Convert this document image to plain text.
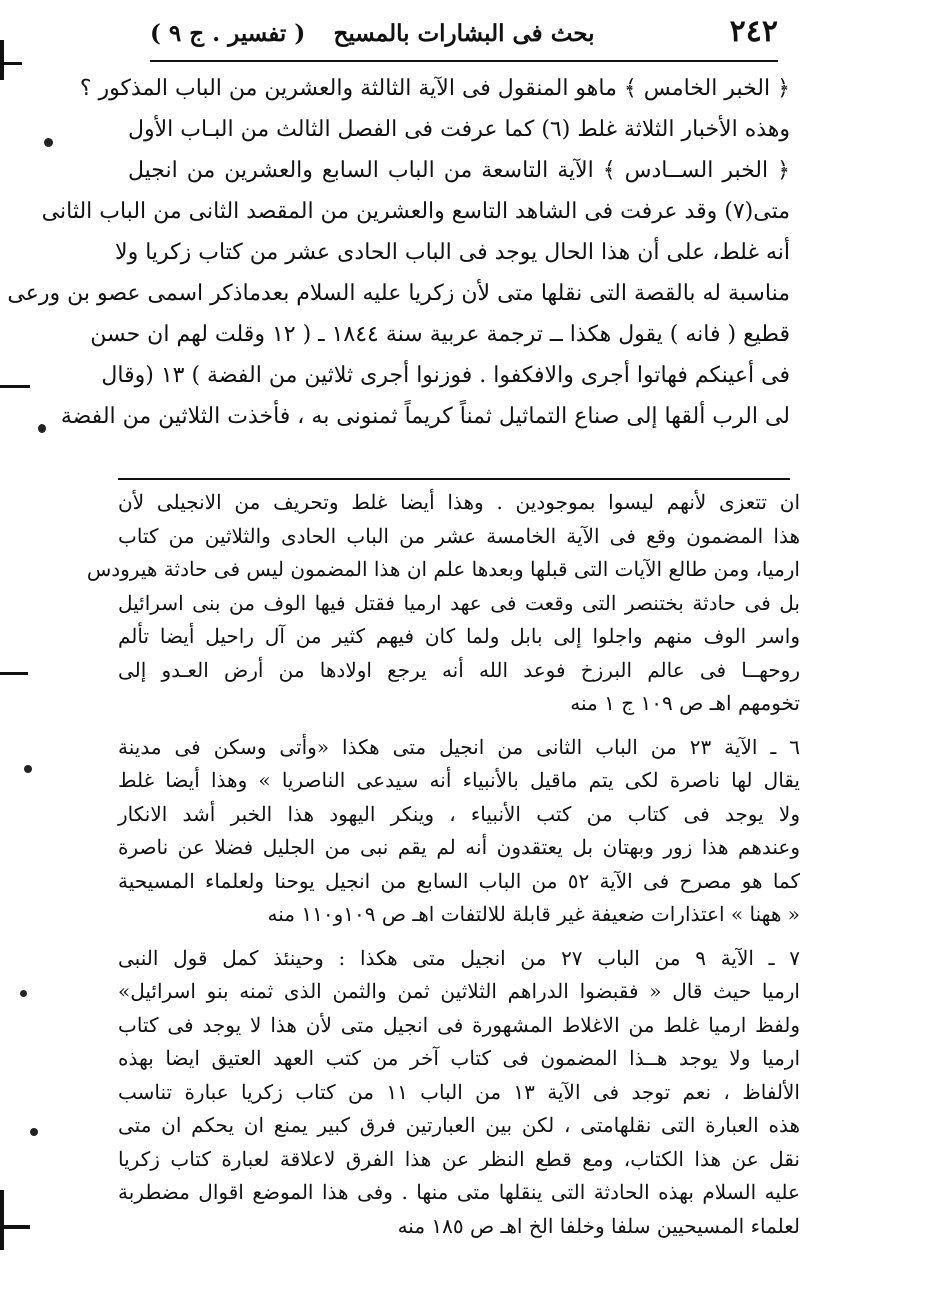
٢٤٢
بحث فى البشارات بالمسيح
( تفسير . ج ٩ )
﴿ الخبر الخامس ﴾ ماهو المنقول فى الآية الثالثة والعشرين من الباب المذكور ؟
وهذه الأخبار الثلاثة غلط (٦) كما عرفت فى الفصل الثالث من البـاب الأول
﴿ الخبر الســادس ﴾ الآية التاسعة من الباب السابع والعشرين من انجيل
متى(٧) وقد عرفت فى الشاهد التاسع والعشرين من المقصد الثانى من الباب الثانى
أنه غلط، على أن هذا الحال يوجد فى الباب الحادى عشر من كتاب زكريا ولا
مناسبة له بالقصة التى نقلها متى لأن زكريا عليه السلام بعدماذكر اسمى عصو بن ورعى
قطيع ( فانه ) يقول هكذا ــ ترجمة عربية سنة ١٨٤٤ ـ ( ١٢ وقلت لهم ان حسن
فى أعينكم فهاتوا أجرى والافكفوا . فوزنوا أجرى ثلاثين من الفضة ) ١٣ (وقال
لى الرب ألقها إلى صناع التماثيل ثمناً كريماً ثمنونى به ، فأخذت الثلاثين من الفضة
ان تتعزى لأنهم ليسوا بموجودين . وهذا أيضا غلط وتحريف من الانجيلى لأن
هذا المضمون وقع فى الآية الخامسة عشر من الباب الحادى والثلاثين من كتاب
ارميا، ومن طالع الآيات التى قبلها وبعدها علم ان هذا المضمون ليس فى حادثة هيرودس
بل فى حادثة بختنصر التى وقعت فى عهد ارميا فقتل فيها الوف من بنى اسرائيل
واسر الوف منهم واجلوا إلى بابل ولما كان فيهم كثير من آل راحيل أيضا تألم
روحهــا فى عالم البرزخ فوعد الله أنه يرجع اولادها من أرض العـدو إلى
تخومهم اهـ ص ١٠٩ ج ١ منه
٦ ـ الآية ٢٣ من الباب الثانى من انجيل متى هكذا «وأتى وسكن فى مدينة
يقال لها ناصرة لكى يتم ماقيل بالأنبياء أنه سيدعى الناصريا » وهذا أيضا غلط
ولا يوجد فى كتاب من كتب الأنبياء ، وينكر اليهود هذا الخبر أشد الانكار
وعندهم هذا زور وبهتان بل يعتقدون أنه لم يقم نبى من الجليل فضلا عن ناصرة
كما هو مصرح فى الآية ٥٢ من الباب السابع من انجيل يوحنا ولعلماء المسيحية
« ههنا » اعتذارات ضعيفة غير قابلة للالتفات اهـ ص ١٠٩و١١٠ منه
٧ ـ الآية ٩ من الباب ٢٧ من انجيل متى هكذا : وحينئذ كمل قول النبى
ارميا حيث قال « فقبضوا الدراهم الثلاثين ثمن والثمن الذى ثمنه بنو اسرائيل»
ولفظ ارميا غلط من الاغلاط المشهورة فى انجيل متى لأن هذا لا يوجد فى كتاب
ارميا ولا يوجد هــذا المضمون فى كتاب آخر من كتب العهد العتيق ايضا بهذه
الألفاظ ، نعم توجد فى الآية ١٣ من الباب ١١ من كتاب زكريا عبارة تناسب
هذه العبارة التى نقلهامتى ، لكن بين العبارتين فرق كبير يمنع ان يحكم ان متى
نقل عن هذا الكتاب، ومع قطع النظر عن هذا الفرق لاعلاقة لعبارة كتاب زكريا
عليه السلام بهذه الحادثة التى ينقلها متى منها . وفى هذا الموضع اقوال مضطربة
لعلماء المسيحيين سلفا وخلفا الخ اهـ ص ١٨٥ منه
